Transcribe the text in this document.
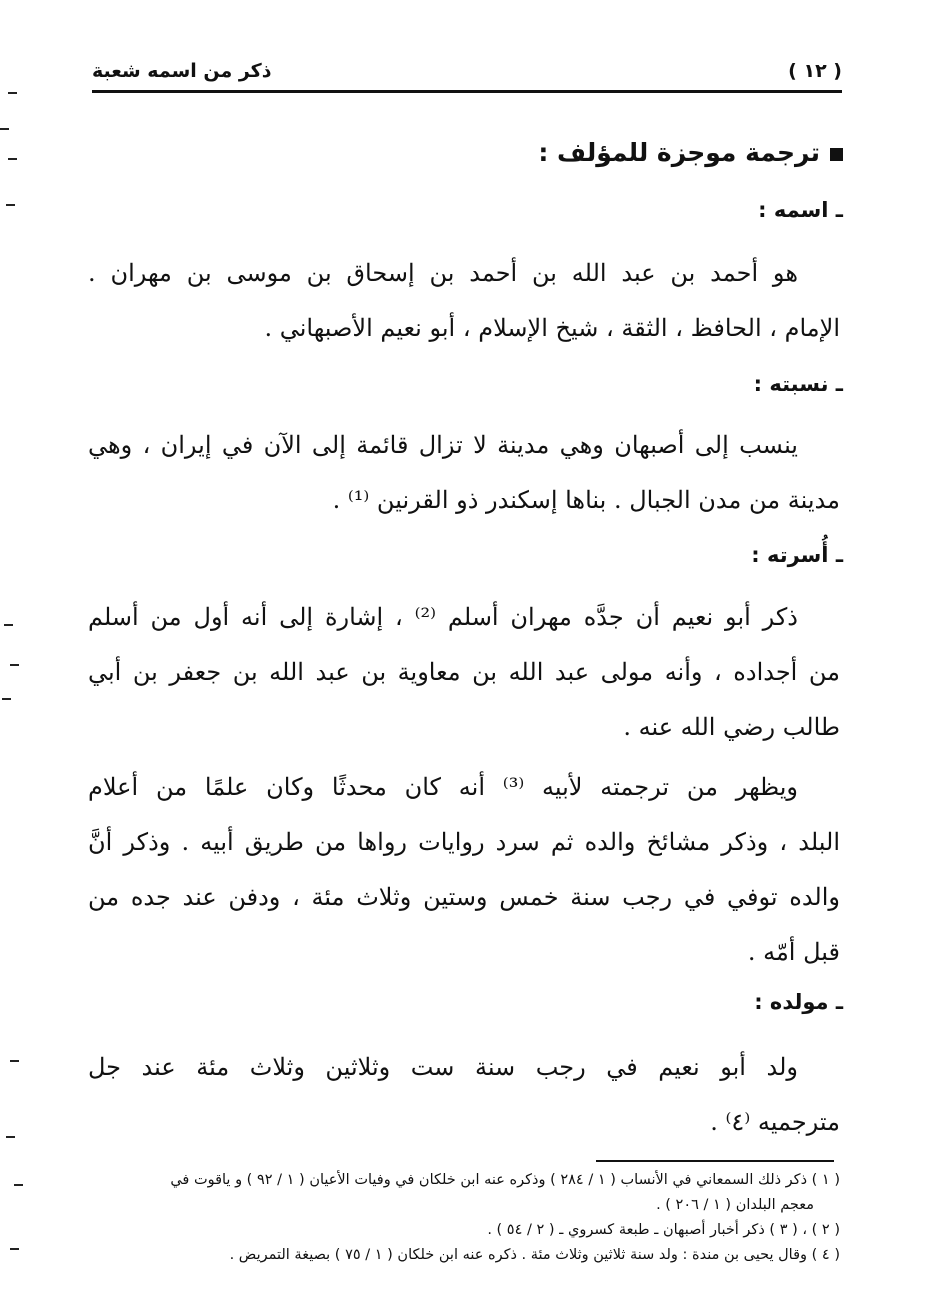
( ١٢ )
ذكر من اسمه شعبة
ترجمة موجزة للمؤلف :
ـ اسمه :
هو أحمد بن عبد الله بن أحمد بن إسحاق بن موسى بن مهران .
الإمام ، الحافظ ، الثقة ، شيخ الإسلام ، أبو نعيم الأصبهاني .
ـ نسبته :
ينسب إلى أصبهان وهي مدينة لا تزال قائمة إلى الآن في إيران ، وهي
مدينة من مدن الجبال . بناها إسكندر ذو القرنين ⁽¹⁾ .
ـ أُسرته :
ذكر أبو نعيم أن جدَّه مهران أسلم ⁽²⁾ ، إشارة إلى أنه أول من أسلم
من أجداده ، وأنه مولى عبد الله بن معاوية بن عبد الله بن جعفر بن أبي
طالب رضي الله عنه .
ويظهر من ترجمته لأبيه ⁽³⁾ أنه كان محدثًا وكان علمًا من أعلام
البلد ، وذكر مشائخ والده ثم سرد روايات رواها من طريق أبيه . وذكر أنَّ
والده توفي في رجب سنة خمس وستين وثلاث مئة ، ودفن عند جده من
قبل أمّه .
ـ مولده :
ولد أبو نعيم في رجب سنة ست وثلاثين وثلاث مئة عند جل
مترجميه ⁽٤⁾ .
( ١ ) ذكر ذلك السمعاني في الأنساب ( ١ / ٢٨٤ ) وذكره عنه ابن خلكان في وفيات الأعيان ( ١ / ٩٢ ) و ياقوت في
معجم البلدان ( ١ / ٢٠٦ ) .
( ٢ ) ، ( ٣ ) ذكر أخبار أصبهان ـ طبعة كسروي ـ ( ٢ / ٥٤ ) .
( ٤ ) وقال يحيى بن مندة : ولد سنة ثلاثين وثلاث مئة . ذكره عنه ابن خلكان ( ١ / ٧٥ ) بصيغة التمريض .
